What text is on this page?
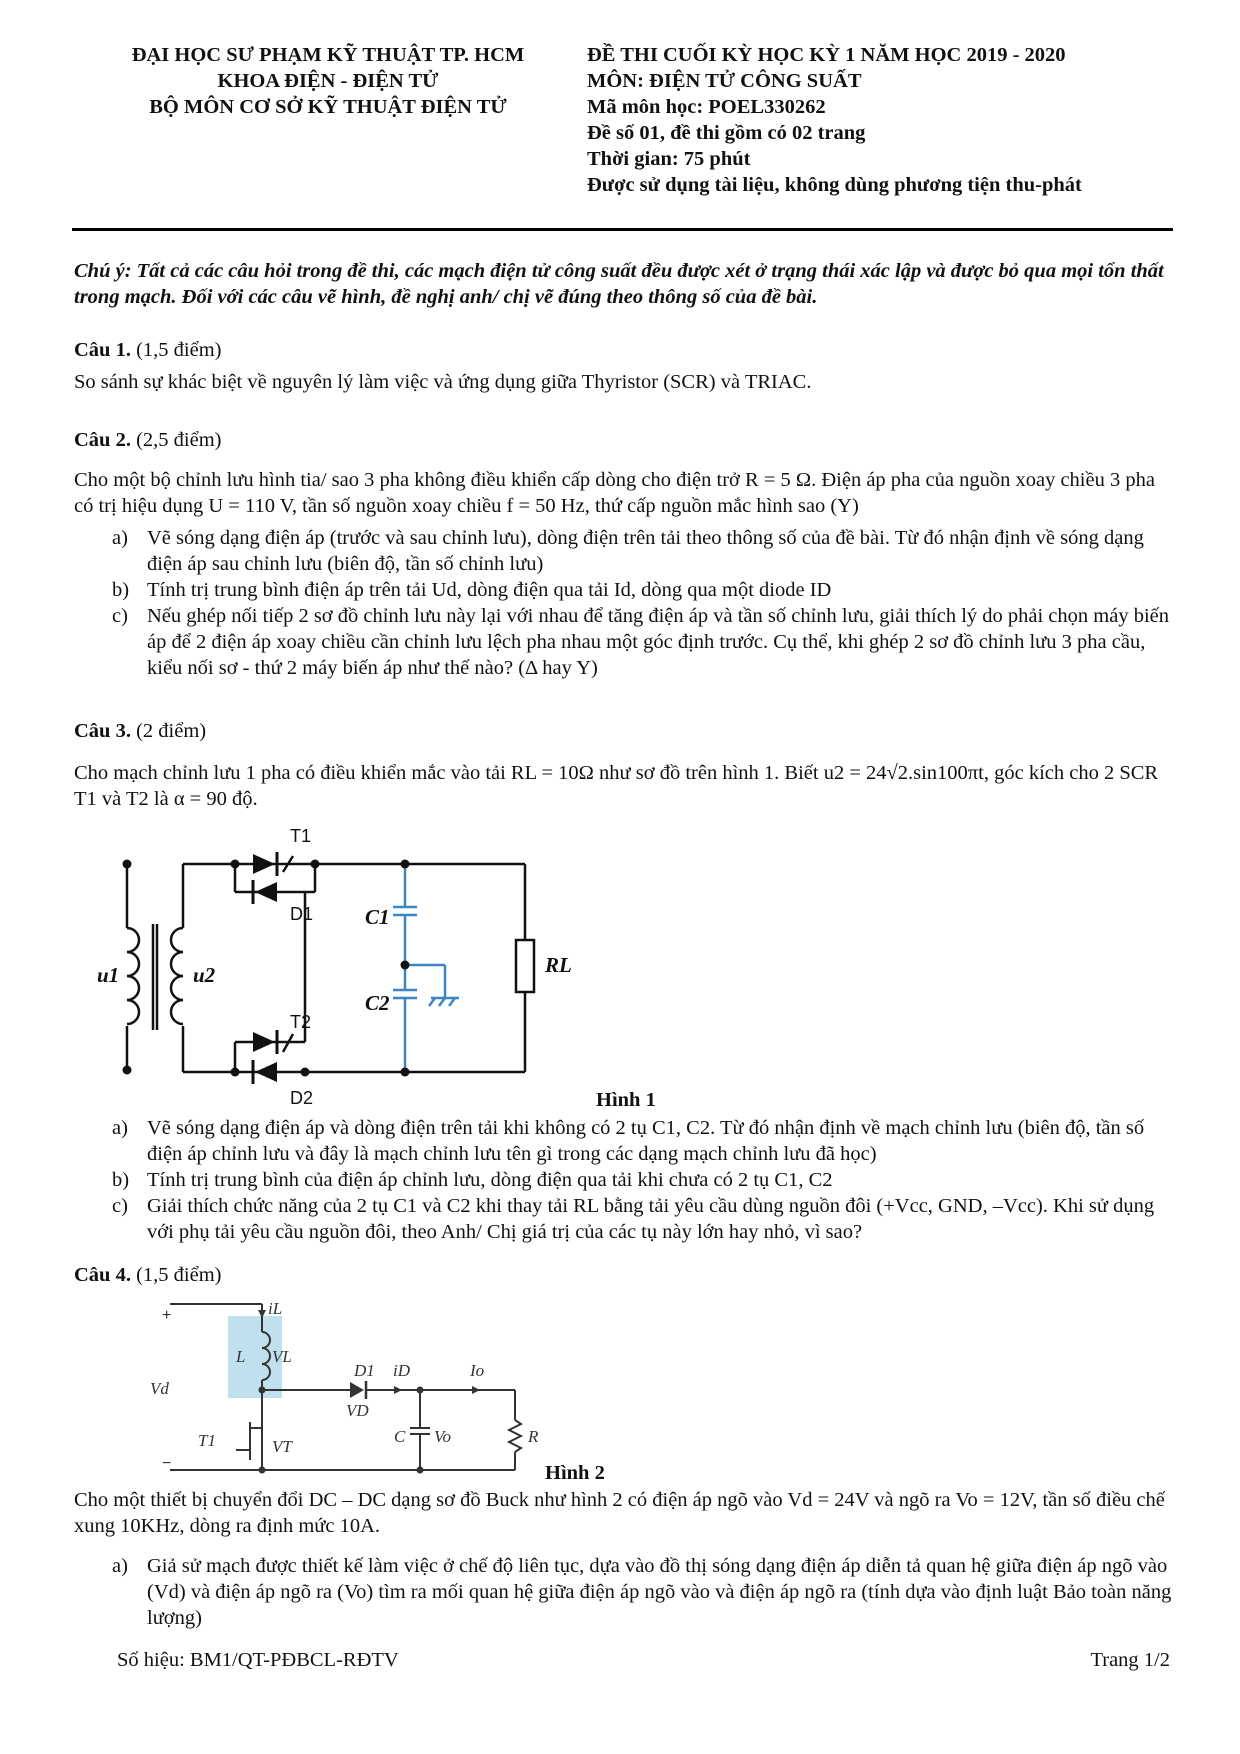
ĐẠI HỌC SƯ PHẠM KỸ THUẬT TP. HCM
KHOA ĐIỆN - ĐIỆN TỬ
BỘ MÔN CƠ SỞ KỸ THUẬT ĐIỆN TỬ
ĐỀ THI CUỐI KỲ HỌC KỲ 1 NĂM HỌC 2019 - 2020
MÔN: ĐIỆN TỬ CÔNG SUẤT
Mã môn học: POEL330262
Đề số 01, đề thi gồm có 02 trang
Thời gian: 75 phút
Được sử dụng tài liệu, không dùng phương tiện thu-phát
Chú ý: Tất cả các câu hỏi trong đề thi, các mạch điện tử công suất đều được xét ở trạng thái xác lập và được bỏ qua mọi tổn thất trong mạch. Đối với các câu vẽ hình, đề nghị anh/ chị vẽ đúng theo thông số của đề bài.
Câu 1. (1,5 điểm)
So sánh sự khác biệt về nguyên lý làm việc và ứng dụng giữa Thyristor (SCR) và TRIAC.
Câu 2. (2,5 điểm)
Cho một bộ chỉnh lưu hình tia/ sao 3 pha không điều khiển cấp dòng cho điện trở R = 5 Ω. Điện áp pha của nguồn xoay chiều 3 pha có trị hiệu dụng U = 110 V, tần số nguồn xoay chiều f = 50 Hz, thứ cấp nguồn mắc hình sao (Y)
a) Vẽ sóng dạng điện áp (trước và sau chỉnh lưu), dòng điện trên tải theo thông số của đề bài. Từ đó nhận định về sóng dạng điện áp sau chỉnh lưu (biên độ, tần số chỉnh lưu)
b) Tính trị trung bình điện áp trên tải Ud, dòng điện qua tải Id, dòng qua một diode ID
c) Nếu ghép nối tiếp 2 sơ đồ chỉnh lưu này lại với nhau để tăng điện áp và tần số chỉnh lưu, giải thích lý do phải chọn máy biến áp để 2 điện áp xoay chiều cần chỉnh lưu lệch pha nhau một góc định trước. Cụ thể, khi ghép 2 sơ đồ chỉnh lưu 3 pha cầu, kiểu nối sơ - thứ 2 máy biến áp như thế nào? (Δ hay Y)
Câu 3. (2 điểm)
Cho mạch chỉnh lưu 1 pha có điều khiển mắc vào tải RL = 10Ω như sơ đồ trên hình 1. Biết u2 = 24√2.sin100πt, góc kích cho 2 SCR T1 và T2 là α = 90 độ.
T1
D1
T2
D2
u1	u2
C1
C2
RL
Hình 1
a) Vẽ sóng dạng điện áp và dòng điện trên tải khi không có 2 tụ C1, C2. Từ đó nhận định về mạch chỉnh lưu (biên độ, tần số điện áp chỉnh lưu và đây là mạch chỉnh lưu tên gì trong các dạng mạch chỉnh lưu đã học)
b) Tính trị trung bình của điện áp chỉnh lưu, dòng điện qua tải khi chưa có 2 tụ C1, C2
c) Giải thích chức năng của 2 tụ C1 và C2 khi thay tải RL bằng tải yêu cầu dùng nguồn đôi (+Vcc, GND, –Vcc). Khi sử dụng với phụ tải yêu cầu nguồn đôi, theo Anh/ Chị giá trị của các tụ này lớn hay nhỏ, vì sao?
Câu 4. (1,5 điểm)
L
iL
VL
D1 iD	Io
VD
Vd
T1	VT
C Vo	R
+
−	Hình 2
Cho một thiết bị chuyển đổi DC – DC dạng sơ đồ Buck như hình 2 có điện áp ngõ vào Vd = 24V và ngõ ra Vo = 12V, tần số điều chế xung 10KHz, dòng ra định mức 10A.
a) Giả sử mạch được thiết kế làm việc ở chế độ liên tục, dựa vào đồ thị sóng dạng điện áp diễn tả quan hệ giữa điện áp ngõ vào (Vd) và điện áp ngõ ra (Vo) tìm ra mối quan hệ giữa điện áp ngõ vào và điện áp ngõ ra (tính dựa vào định luật Bảo toàn năng lượng)
Số hiệu: BM1/QT-PĐBCL-RĐTV	Trang 1/2
